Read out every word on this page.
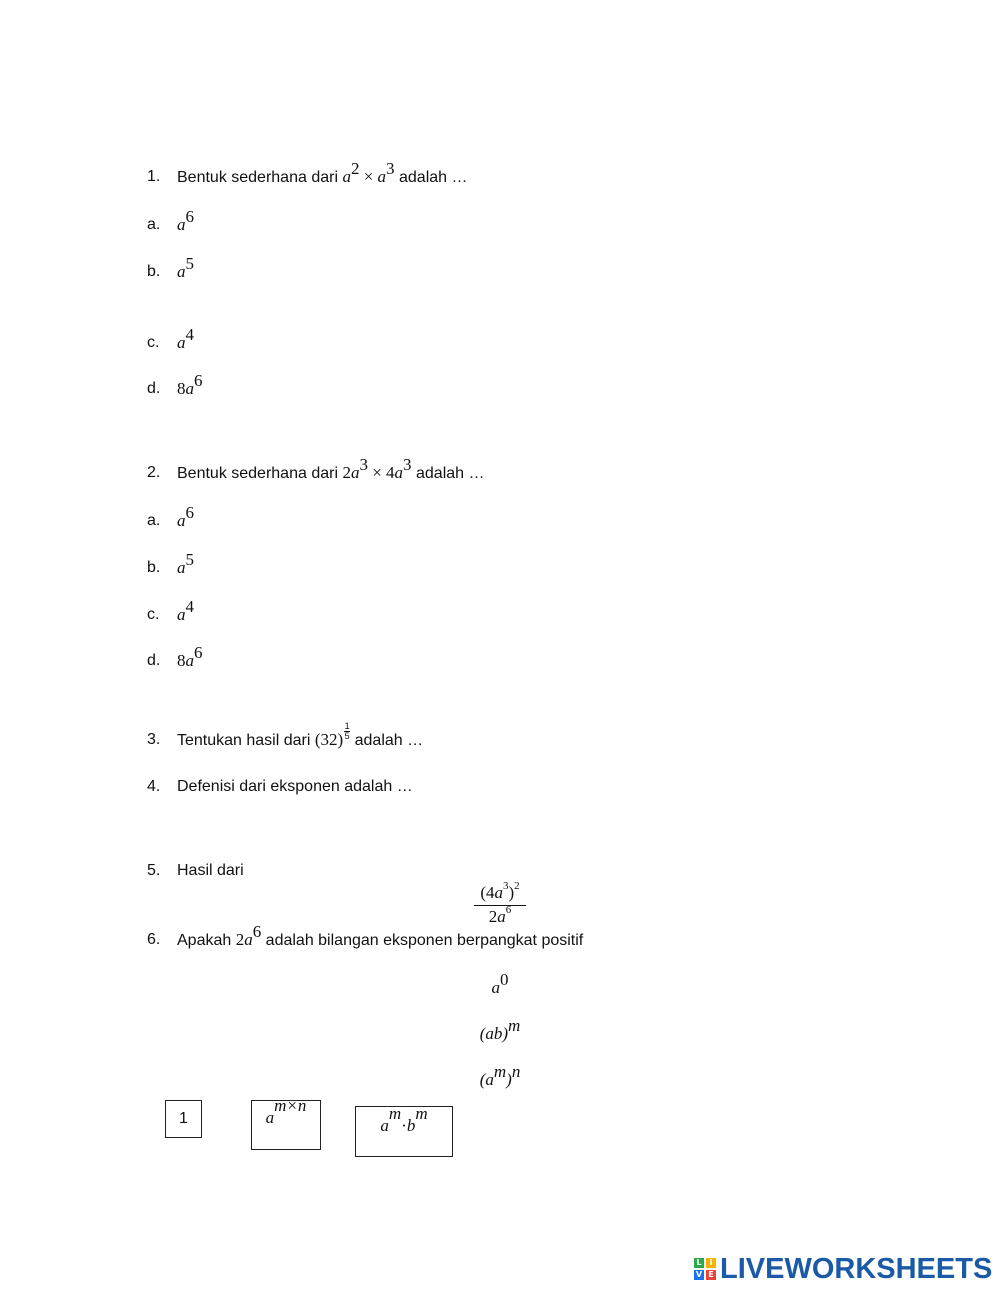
1. Bentuk sederhana dari $a^2 \times a^3$ adalah …
a. $a^6$
b. $a^5$
c. $a^4$
d. $8a^6$
2. Bentuk sederhana dari $2a^3 \times 4a^3$ adalah …
a. $a^6$
b. $a^5$
c. $a^4$
d. $8a^6$
3. Tentukan hasil dari $(32) \frac{1}{5}$ adalah …
4. Defenisi dari eksponen adalah …
5. Hasil dari
$(4a^3)^2$
$2a^6$
6. Apakah $2a^6$ adalah bilangan eksponen berpangkat positif
$a^0$
(ab)$^m$
$(a^m)^n$
1	a
$^{m\times n}$
a
$^m$
· b
$^m$
L I
V E LIVEWORKSHEETS
